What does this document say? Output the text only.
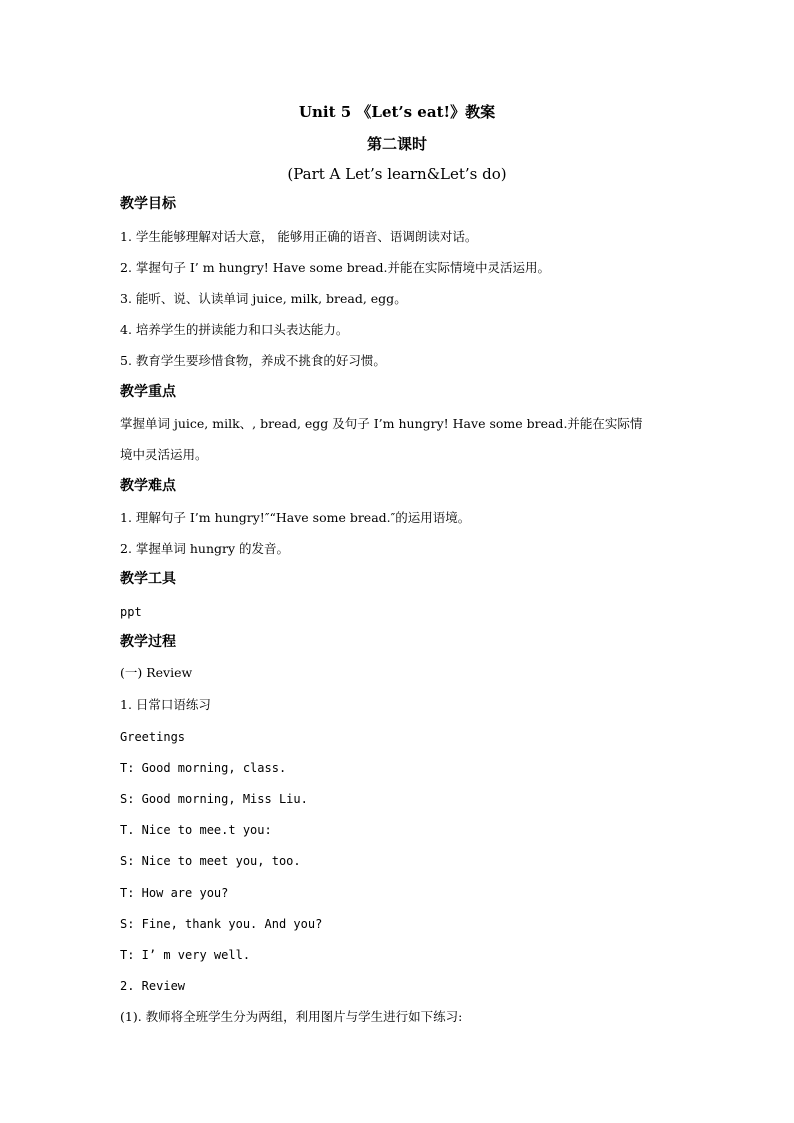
Unit 5 《Let’s eat!》教案
第二课时
(Part A Let’s learn&Let’s do)
教学目标
1. 学生能够理解对话大意， 能够用正确的语音、语调朗读对话。
2. 掌握句子 I’ m hungry! Have some bread.并能在实际情境中灵活运用。
3. 能听、说、认读单词 juice, milk, bread, egg。
4. 培养学生的拼读能力和口头表达能力。
5. 教育学生要珍惜食物，养成不挑食的好习惯。
教学重点
掌握单词 juice, milk、, bread, egg 及句子 I’m hungry! Have some bread.并能在实际情
境中灵活运用。
教学难点
1. 理解句子 I’m hungry!″“Have some bread.″的运用语境。
2. 掌握单词 hungry 的发音。
教学工具
ppt
教学过程
(一) Review
1. 日常口语练习
Greetings
T: Good morning, class.
S: Good morning, Miss Liu.
T. Nice to mee.t you:
S: Nice to meet you, too.
T: How are you?
S: Fine, thank you. And you?
T: I’ m very well.
2. Review
(1). 教师将全班学生分为两组，利用图片与学生进行如下练习:
